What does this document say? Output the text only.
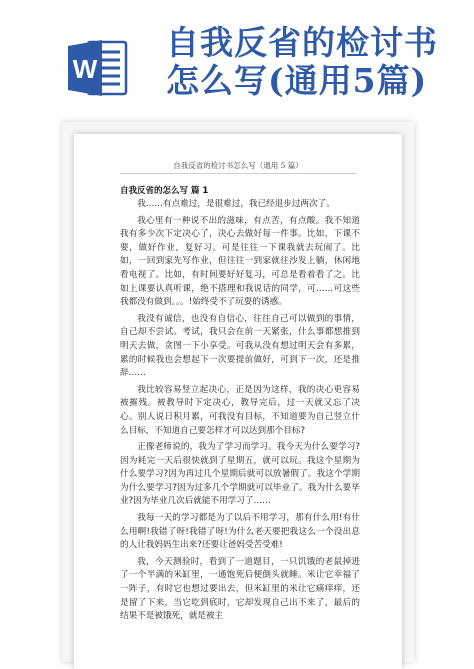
W
自我反省的检讨书
怎么写(通用5篇)
自我反省的检讨书怎么写（通用 5 篇）
自我反省的怎么写 篇 1

我……有点难过，是很难过，我已经退步过两次了。

我心里有一种说不出的滋味，有点苦，有点酸。我不知道我有多少次下定决心了，决心去做好每一件事。比如，下课不要，做好作业，复好习。可是往往一下课我就去玩闹了。比如，一回到家先写作业，但往往一到家就往沙发上躺，休闲地看电视了。比如，有时间要好好复习，可总是看着看了之。比如上课要认真听课，绝不搭理和我说话的同学，可……可这些我都没有做到。。。!始终受不了玩耍的诱惑。

我没有诚信，也没有自信心，往往自己可以做到的事情，自己却不尝试。考试，我只会在前一天紧张，什么事都想推到明天去做，贪图一下小享受。可我从没有想过明天会有多累，累的时候我也会想起下一次要提前做好，可到下一次，还是推辞……

我比较容易竖立起决心，正是因为这样，我的决心更容易被摧残。被教导时下定决心，教导完后，过一天就又忘了决心。别人说日积月累，可我没有目标，不知道要为自己竖立什么目标，不知道自己要怎样才可以达到那个目标?

正像老师说的，我为了学习而学习。我今天为什么要学习?因为耗完一天后很快就到了星期五，就可以玩。我这个星期为什么要学习?因为再过几个星期后就可以放暑假了。我这个学期为什么要学习?因为过多几个学期就可以毕业了。我为什么要毕业?因为毕业几次后就能不用学习了……

我每一天的学习都是为了以后不用学习，那有什么用!有什么用啊!我错了呀!我错了呀!为什么老天要把我这么一个没出息的人让我妈妈生出来?还要让爸妈受苦受难!

我，今天测验时，看到了一道题目，一只饥饿的老鼠掉进了一个半满的米缸里，一通饱死后便倒头就睡。米让它幸福了一阵子，有时它也想过要出去，但米缸里的米让它痛痒痒，还是留了下来，当它吃到底时，它却发现自己出不来了，最后的结果不是被饿死，就是被主
